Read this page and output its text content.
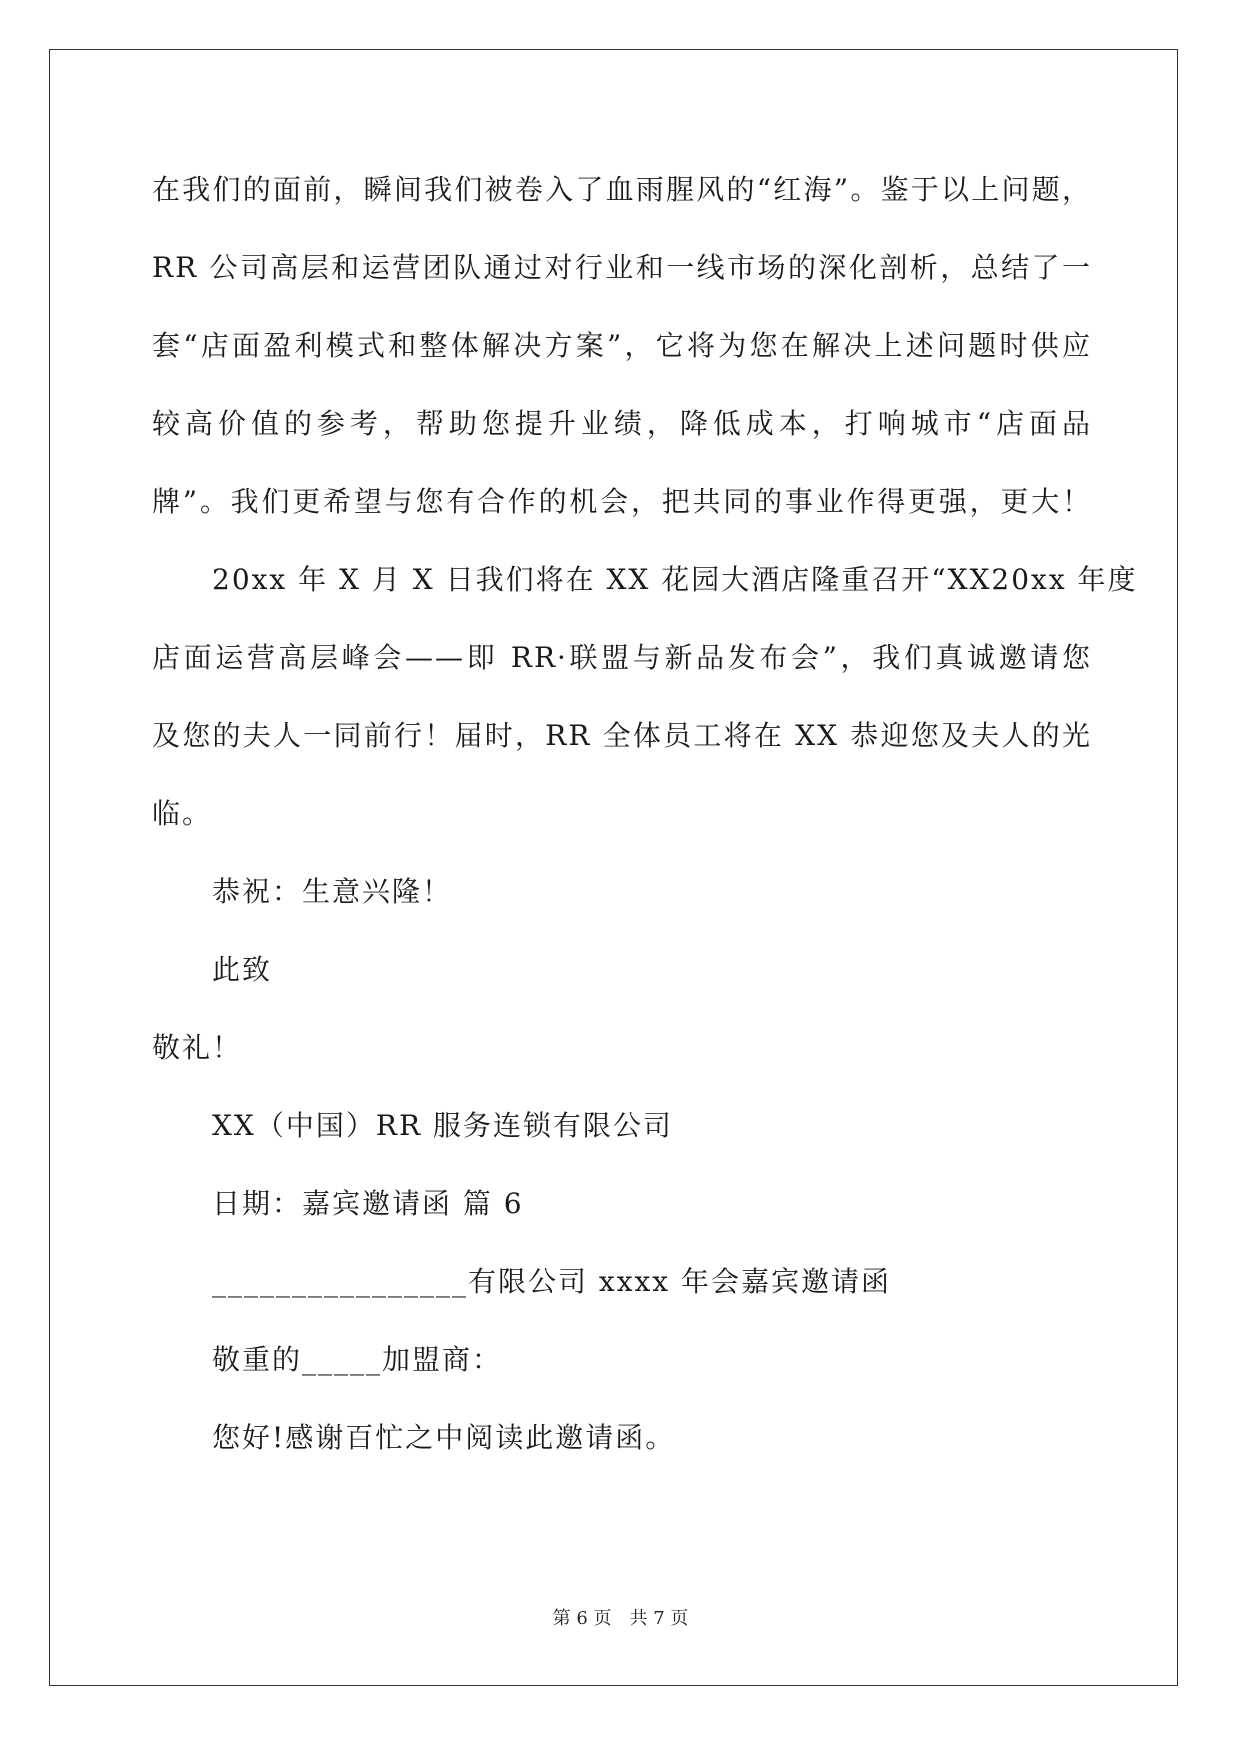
在我们的面前，瞬间我们被卷入了血雨腥风的“红海”。鉴于以上问题，
RR 公司高层和运营团队通过对行业和一线市场的深化剖析，总结了一
套“店面盈利模式和整体解决方案”，它将为您在解决上述问题时供应
较高价值的参考，帮助您提升业绩，降低成本，打响城市“店面品
牌”。我们更希望与您有合作的机会，把共同的事业作得更强，更大！
20xx 年 X 月 X 日我们将在 XX 花园大酒店隆重召开“XX20xx 年度
店面运营高层峰会——即 RR·联盟与新品发布会”，我们真诚邀请您
及您的夫人一同前行！届时，RR 全体员工将在 XX 恭迎您及夫人的光
临。
恭祝：生意兴隆！
此致
敬礼！
XX（中国）RR 服务连锁有限公司
日期：嘉宾邀请函 篇 6
________________有限公司 xxxx 年会嘉宾邀请函
敬重的_____加盟商：
您好!感谢百忙之中阅读此邀请函。
第 6 页 共 7 页
